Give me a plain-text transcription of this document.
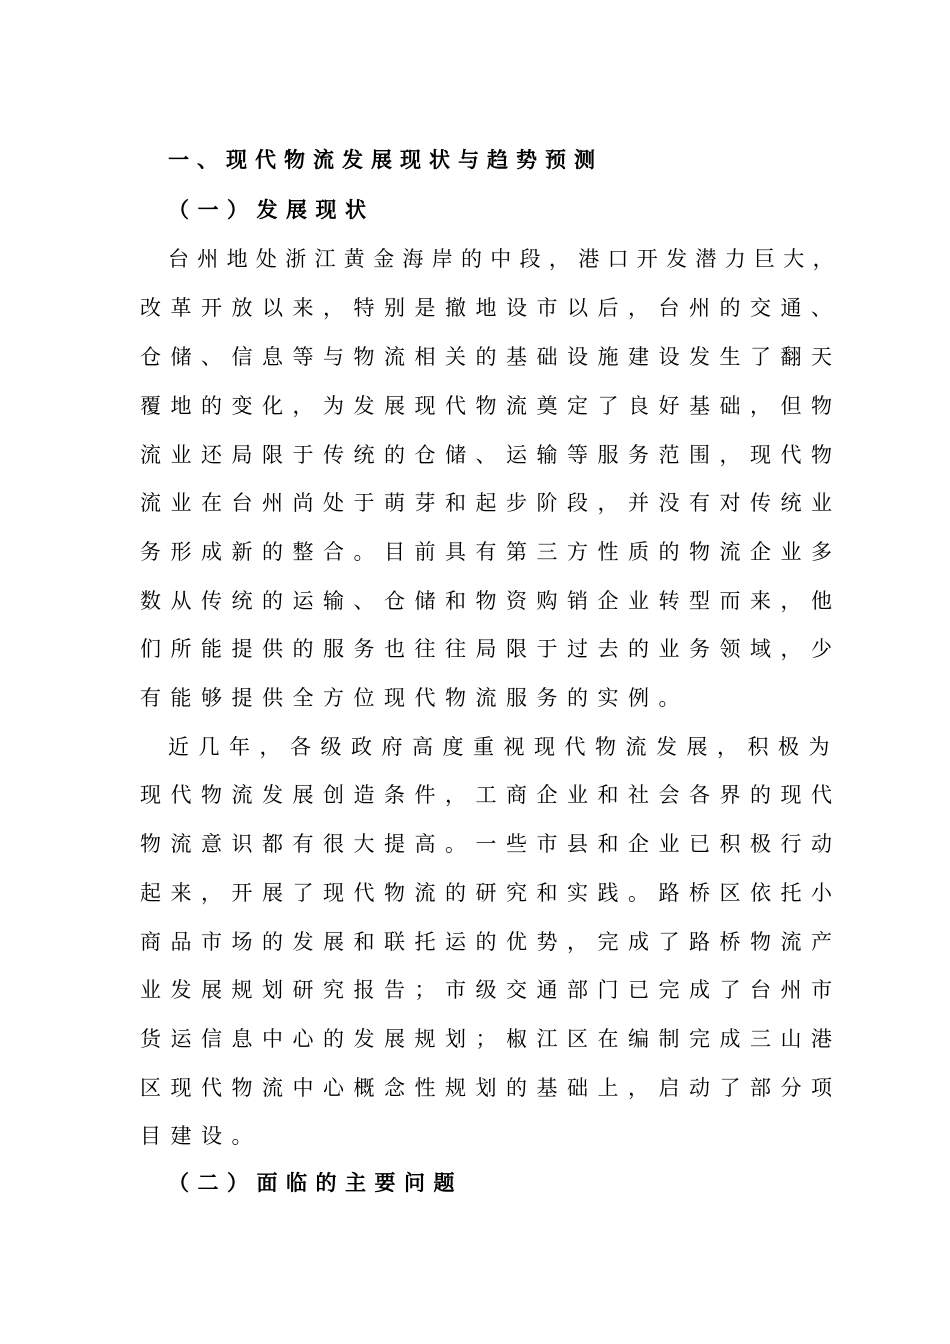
一、现代物流发展现状与趋势预测
（一）发展现状
台州地处浙江黄金海岸的中段，港口开发潜力巨大，
改革开放以来，特别是撤地设市以后，台州的交通、
仓储、信息等与物流相关的基础设施建设发生了翻天
覆地的变化，为发展现代物流奠定了良好基础，但物
流业还局限于传统的仓储、运输等服务范围，现代物
流业在台州尚处于萌芽和起步阶段，并没有对传统业
务形成新的整合。目前具有第三方性质的物流企业多
数从传统的运输、仓储和物资购销企业转型而来，他
们所能提供的服务也往往局限于过去的业务领域，少
有能够提供全方位现代物流服务的实例。
近几年，各级政府高度重视现代物流发展，积极为
现代物流发展创造条件，工商企业和社会各界的现代
物流意识都有很大提高。一些市县和企业已积极行动
起来，开展了现代物流的研究和实践。路桥区依托小
商品市场的发展和联托运的优势，完成了路桥物流产
业发展规划研究报告；市级交通部门已完成了台州市
货运信息中心的发展规划；椒江区在编制完成三山港
区现代物流中心概念性规划的基础上，启动了部分项
目建设。
（二）面临的主要问题
